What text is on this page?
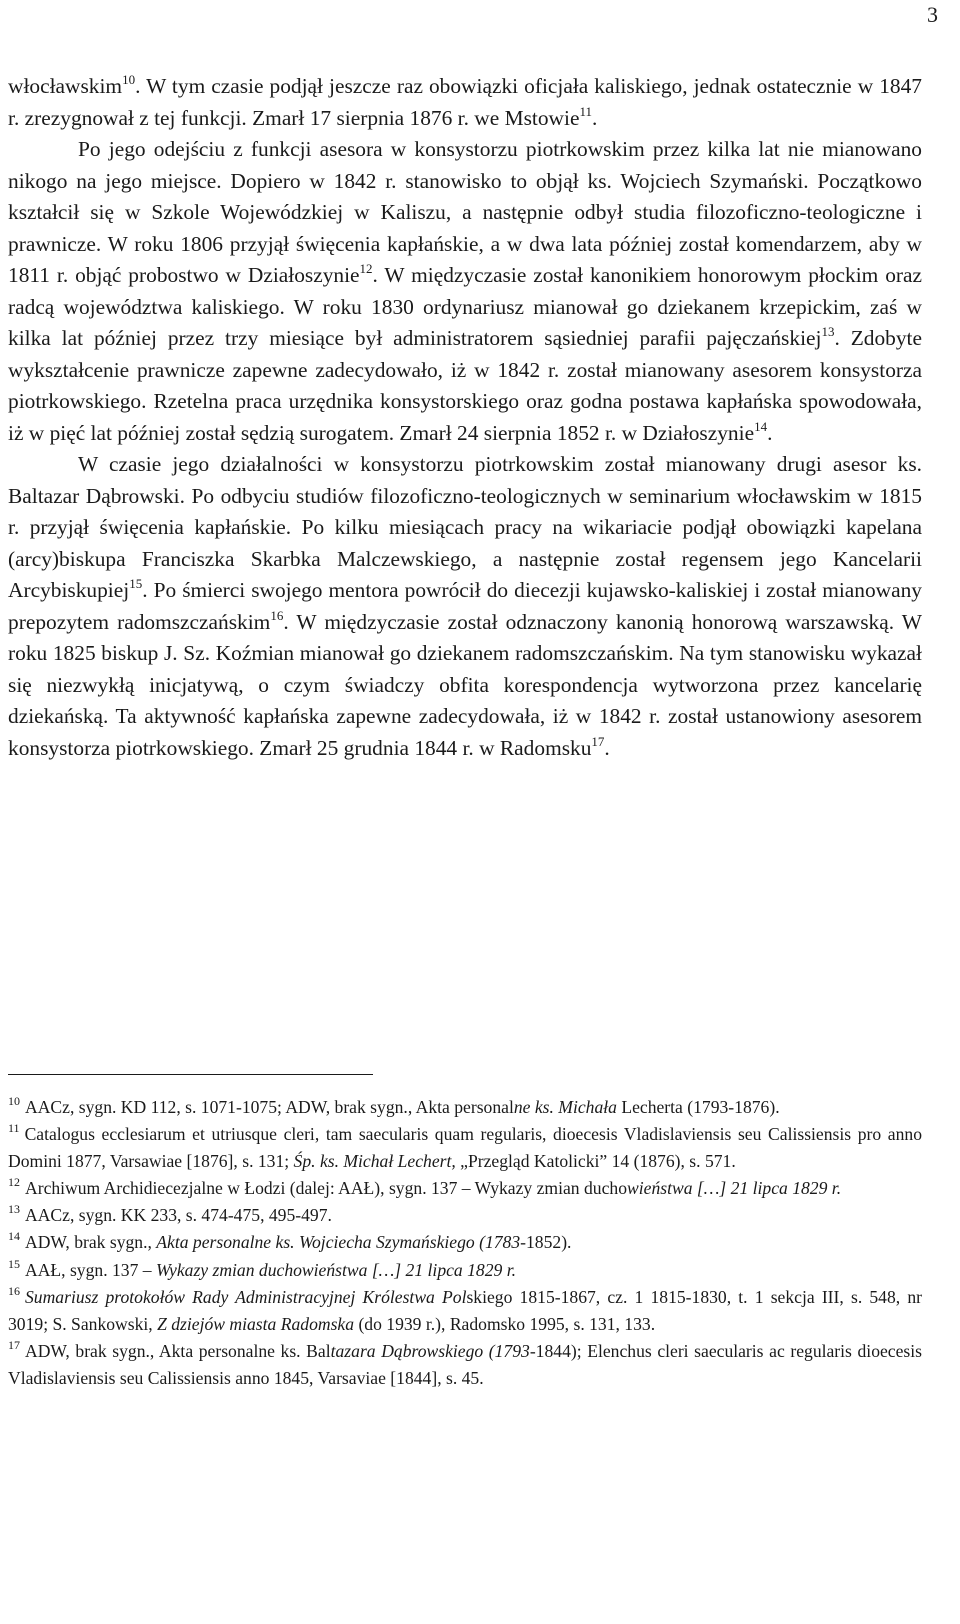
3

włocławskim$^{10}$. W tym czasie podjął jeszcze raz obowiązki oficjała kaliskiego, jednak ostatecznie w 1847 r. zrezygnował z tej funkcji. Zmarł 17 sierpnia 1876 r. we Mstowie$^{11}$.

Po jego odejściu z funkcji asesora w konsystorzu piotrkowskim przez kilka lat nie mianowano nikogo na jego miejsce. Dopiero w 1842 r. stanowisko to objął ks. Wojciech Szymański. Początkowo kształcił się w Szkole Wojewódzkiej w Kaliszu, a następnie odbył studia filozoficzno-teologiczne i prawnicze. W roku 1806 przyjął święcenia kapłańskie, a w dwa lata później został komendarzem, aby w 1811 r. objąć probostwo w Działoszynie$^{12}$. W międzyczasie został kanonikiem honorowym płockim oraz radcą województwa kaliskiego. W roku 1830 ordynariusz mianował go dziekanem krzepickim, zaś w kilka lat później przez trzy miesiące był administratorem sąsiedniej parafii pajęczańskiej$^{13}$. Zdobyte wykształcenie prawnicze zapewne zadecydowało, iż w 1842 r. został mianowany asesorem konsystorza piotrkowskiego. Rzetelna praca urzędnika konsystorskiego oraz godna postawa kapłańska spowodowała, iż w pięć lat później został sędzią surogatem. Zmarł 24 sierpnia 1852 r. w Działoszynie$^{14}$.

W czasie jego działalności w konsystorzu piotrkowskim został mianowany drugi asesor ks. Baltazar Dąbrowski. Po odbyciu studiów filozoficzno-teologicznych w seminarium włocławskim w 1815 r. przyjął święcenia kapłańskie. Po kilku miesiącach pracy na wikariacie podjął obowiązki kapelana (arcy)biskupa Franciszka Skarbka Malczewskiego, a następnie został regensem jego Kancelarii Arcybiskupiej$^{15}$. Po śmierci swojego mentora powrócił do diecezji kujawsko-kaliskiej i został mianowany prepozytem radomszczańskim$^{16}$. W międzyczasie został odznaczony kanonią honorową warszawską. W roku 1825 biskup J. Sz. Koźmian mianował go dziekanem radomszczańskim. Na tym stanowisku wykazał się niezwykłą inicjatywą, o czym świadczy obfita korespondencja wytworzona przez kancelarię dziekańską. Ta aktywność kapłańska zapewne zadecydowała, iż w 1842 r. został ustanowiony asesorem konsystorza piotrkowskiego. Zmarł 25 grudnia 1844 r. w Radomsku$^{17}$.

$^{10}$ AACz, sygn. KD 112, s. 1071-1075; ADW, brak sygn., Akta personalne ks. Michała Lecherta (1793-1876).

$^{11}$ Catalogus ecclesiarum et utriusque cleri, tam saecularis quam regularis, dioecesis Vladislaviensis seu Calissiensis pro anno Domini 1877, Varsawiae [1876], s. 131; Śp. ks. Michał Lechert, „Przegląd Katolicki” 14 (1876), s. 571.

$^{12}$ Archiwum Archidiecezjalne w Łodzi (dalej: AAŁ), sygn. 137 – Wykazy zmian duchowieństwa […] 21 lipca 1829 r.

$^{13}$ AACz, sygn. KK 233, s. 474-475, 495-497.

$^{14}$ ADW, brak sygn., Akta personalne ks. Wojciecha Szymańskiego (1783-1852).

$^{15}$ AAŁ, sygn. 137 – Wykazy zmian duchowieństwa […] 21 lipca 1829 r.

$^{16}$ Sumariusz protokołów Rady Administracyjnej Królestwa Polskiego 1815-1867, cz. 1 1815-1830, t. 1 sekcja III, s. 548, nr 3019; S. Sankowski, Z dziejów miasta Radomska (do 1939 r.), Radomsko 1995, s. 131, 133.

$^{17}$ ADW, brak sygn., Akta personalne ks. Baltazara Dąbrowskiego (1793-1844); Elenchus cleri saecularis ac regularis dioecesis Vladislaviensis seu Calissiensis anno 1845, Varsaviae [1844], s. 45.
